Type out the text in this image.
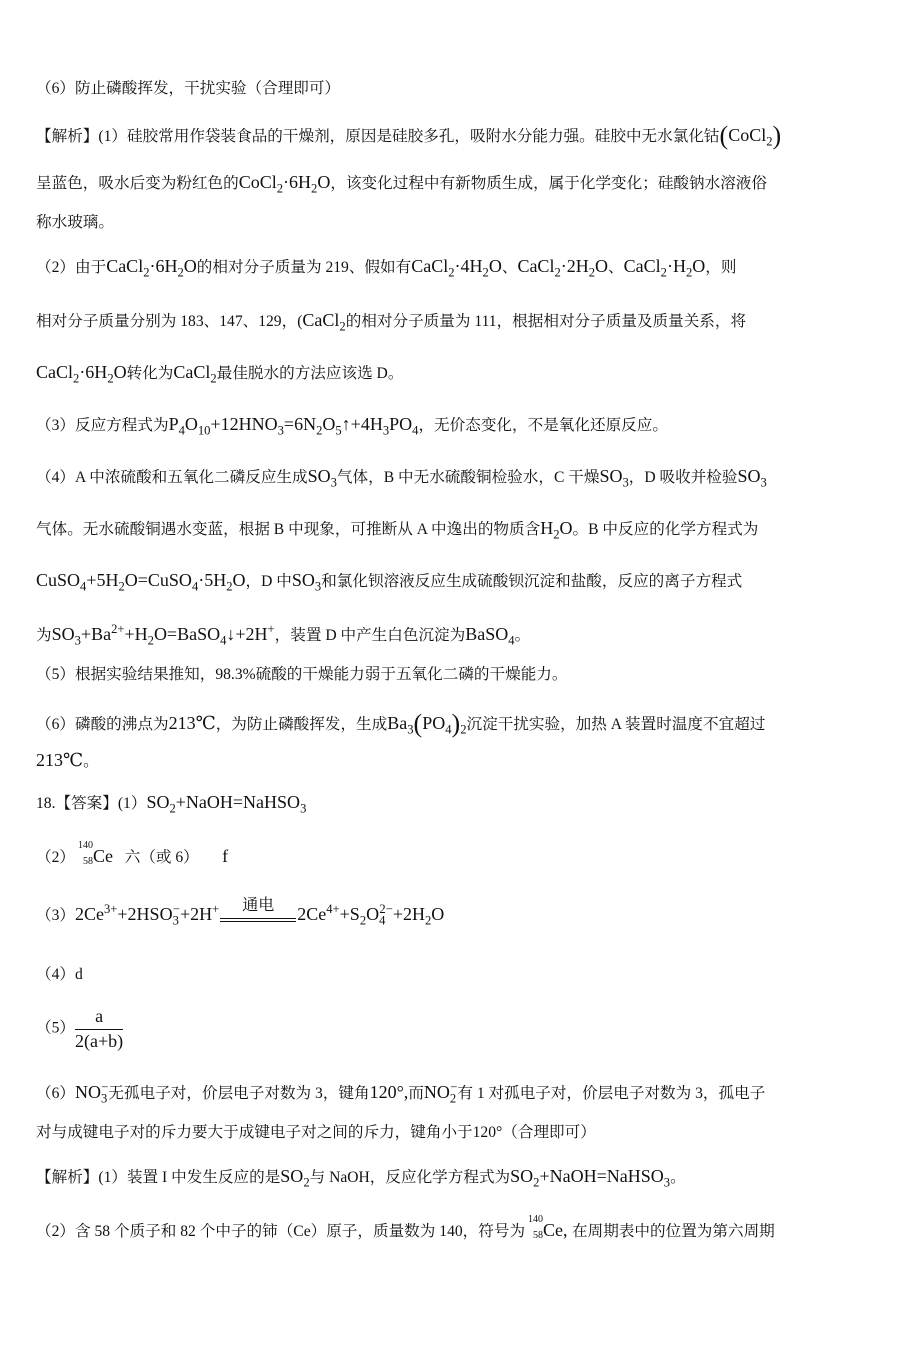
（6）防止磷酸挥发，干扰实验（合理即可）
【解析】(1）硅胶常用作袋装食品的干燥剂，原因是硅胶多孔，吸附水分能力强。硅胶中无水氯化钴(CoCl$_2$)
呈蓝色，吸水后变为粉红色的$CoCl_2\cdot 6H_2O$，该变化过程中有新物质生成，属于化学变化；硅酸钠水溶液俗
称水玻璃。
（2）由于$CaCl_2\cdot 6H_2O$的相对分子质量为 219、假如有$CaCl_2\cdot 4H_2O$、$CaCl_2\cdot 2H_2O$、$CaCl_2\cdot H_2O$，则
相对分子质量分别为 183、147、129，(CaCl$_2$的相对分子质量为 111，根据相对分子质量及质量关系，将
$CaCl_2\cdot 6H_2O$转化为CaCl$_2$最佳脱水的方法应该选 D。
（3）反应方程式为$P_4O_{10}+12HNO_3=6N_2O_5↑+4H_3PO_4$，无价态变化，不是氧化还原反应。
（4）A 中浓硫酸和五氧化二磷反应生成$SO_3$气体，B 中无水硫酸铜检验水，C 干燥$SO_3$，D 吸收并检验$SO_3$
气体。无水硫酸铜遇水变蓝，根据 B 中现象，可推断从 A 中逸出的物质含$H_2O$。B 中反应的化学方程式为
$CuSO_4+5H_2O=CuSO_4\cdot 5H_2O$，D 中$SO_3$和氯化钡溶液反应生成硫酸钡沉淀和盐酸，反应的离子方程式
为$SO_3+Ba^{2+}+H_2O=BaSO_4↓+2H^+$，装置 D 中产生白色沉淀为BaSO$_4$。
（5）根据实验结果推知，98.3%硫酸的干燥能力弱于五氧化二磷的干燥能力。
（6）磷酸的沸点为213℃，为防止磷酸挥发，生成$Ba_3(PO_4)_2$沉淀干扰实验，加热 A 装置时温度不宜超过
213℃。
18.【答案】$(1)SO_2+NaOH=NaHSO_3$
（2）
140
58 Ce 六（或 6） f
$(3)2Ce^{3+}+2HSO_3^-+2H^+$	通电	$2Ce^{4+}+S_2O_4^{2-}+2H_2O$
（4）d
$(5) \frac{a}{2(a+b)}$
$(6)NO_3^-$无孤电子对，价层电子对数为 3，键角120°,而$NO_2^-$有 1 对孤电子对，价层电子对数为 3，孤电子
对与成键电子对的斥力要大于成键电子对之间的斥力，键角小于120°（合理即可）
【解析】(1）装置 I 中发生反应的是$SO_2$与 NaOH，反应化学方程式为$SO_2+NaOH=NaHSO_3$。
（2）含 58 个质子和 82 个中子的铈（Ce）原子，质量数为 140，符号为
140
58 Ce, 在周期表中的位置为第六周期
